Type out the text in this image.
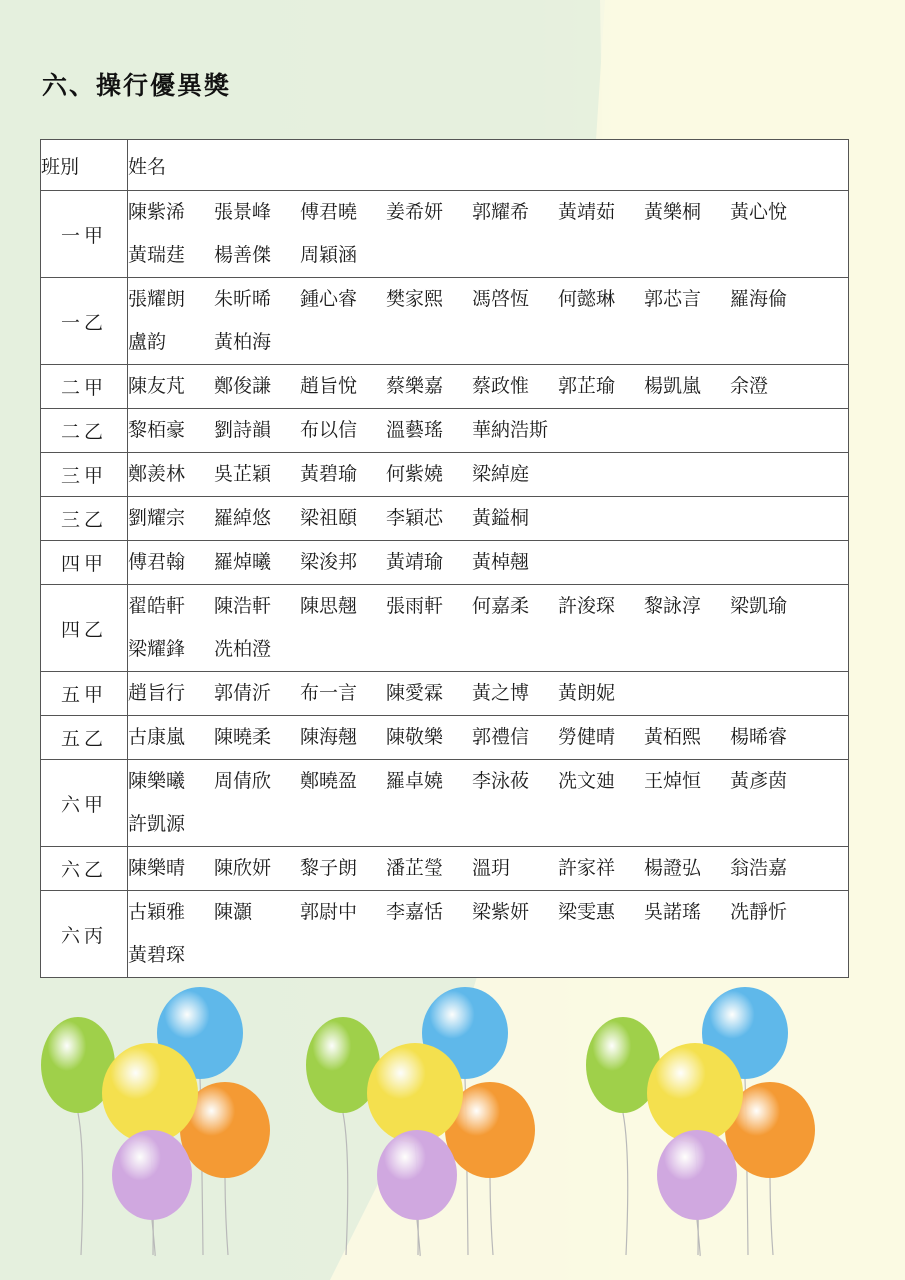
六、操行優異獎
班別	姓名
一甲	陳紫浠 張景峰 傅君曉 姜希妍 郭耀希 黃靖茹 黃樂桐 黃心悅黃瑞莛 楊善傑 周穎涵
一乙	張耀朗 朱昕晞 鍾心睿 樊家熙 馮啓恆 何懿琳 郭芯言 羅海倫盧韵 黃柏海
二甲	陳友芃 鄭俊謙 趙旨悅 蔡樂嘉 蔡政惟 郭芷瑜 楊凱嵐 余澄
二乙	黎栢豪 劉詩韻 布以信 溫藝瑤 華納浩斯
三甲	鄭羨林 吳芷穎 黃碧瑜 何紫嬈 梁綽庭
三乙	劉耀宗 羅綽悠 梁祖頤 李穎芯 黃鎰桐
四甲	傅君翰 羅焯曦 梁浚邦 黃靖瑜 黃棹翹
四乙	翟皓軒 陳浩軒 陳思翹 張雨軒 何嘉柔 許浚琛 黎詠淳 梁凱瑜梁耀鋒 冼柏澄
五甲	趙旨行 郭倩沂 布一言 陳愛霖 黃之博 黃朗妮
五乙	古康嵐 陳曉柔 陳海翹 陳敬樂 郭禮信 勞健晴 黃栢熙 楊晞睿
六甲	陳樂曦 周倩欣 鄭曉盈 羅卓嬈 李泳莜 冼文廸 王焯恒 黃彥茵許凱源
六乙	陳樂晴 陳欣妍 黎子朗 潘芷瑩 溫玥 許家祥 楊證弘 翁浩嘉
六丙	古穎雅 陳灝 郭尉中 李嘉恬 梁紫妍 梁雯惠 吳諾瑤 冼靜忻黃碧琛
